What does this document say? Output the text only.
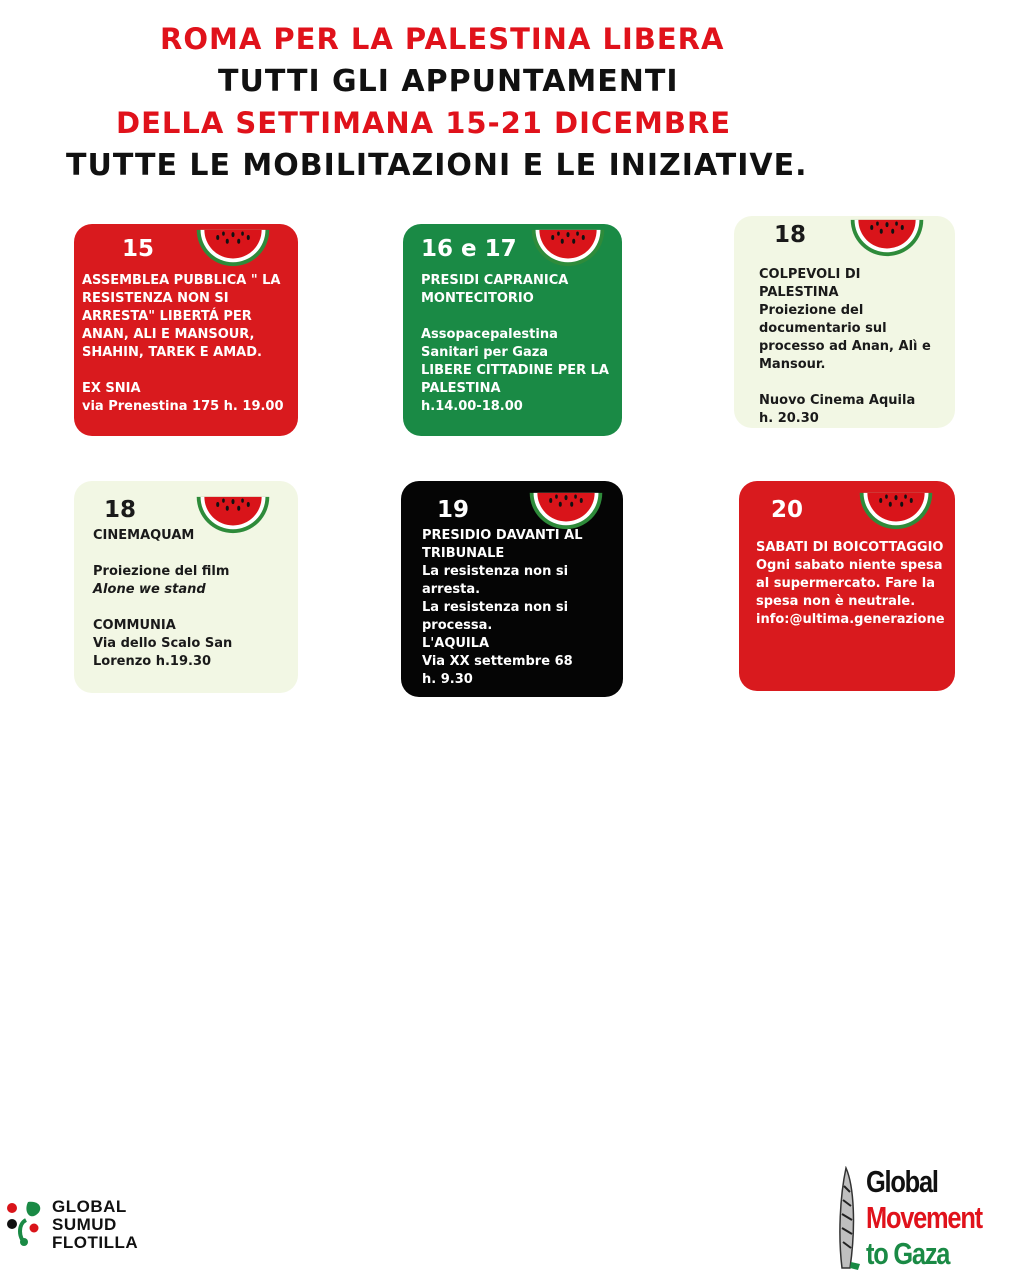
ROMA PER LA PALESTINA LIBERA
TUTTI GLI APPUNTAMENTI
DELLA SETTIMANA 15-21 DICEMBRE
TUTTE LE MOBILITAZIONI E LE INIZIATIVE.
15

ASSEMBLEA PUBBLICA " LA RESISTENZA NON SI ARRESTA" LIBERTÁ PER ANAN, ALI E MANSOUR, SHAHIN, TAREK E AMAD.

EX SNIA
via Prenestina 175 h. 19.00

16 e 17

PRESIDI CAPRANICA MONTECITORIO

Assopacepalestina
Sanitari per Gaza
LIBERE CITTADINE PER LA PALESTINA
h.14.00-18.00

18

COLPEVOLI DI PALESTINA
Proiezione del documentario sul processo ad Anan, Alì e Mansour.

Nuovo Cinema Aquila
h. 20.30

18

CINEMAQUAM

Proiezione del film
Alone we stand

COMMUNIA
Via dello Scalo San Lorenzo h.19.30

19

PRESIDIO DAVANTI AL TRIBUNALE
La resistenza non si arresta.
La resistenza non si processa.
L'AQUILA
Via XX settembre 68
h. 9.30

20

SABATI DI BOICOTTAGGIO
Ogni sabato niente spesa al supermercato. Fare la spesa non è neutrale.
info:@ultima.generazione

GLOBAL
SUMUD
FLOTILLA
Global
Movement
to Gaza
